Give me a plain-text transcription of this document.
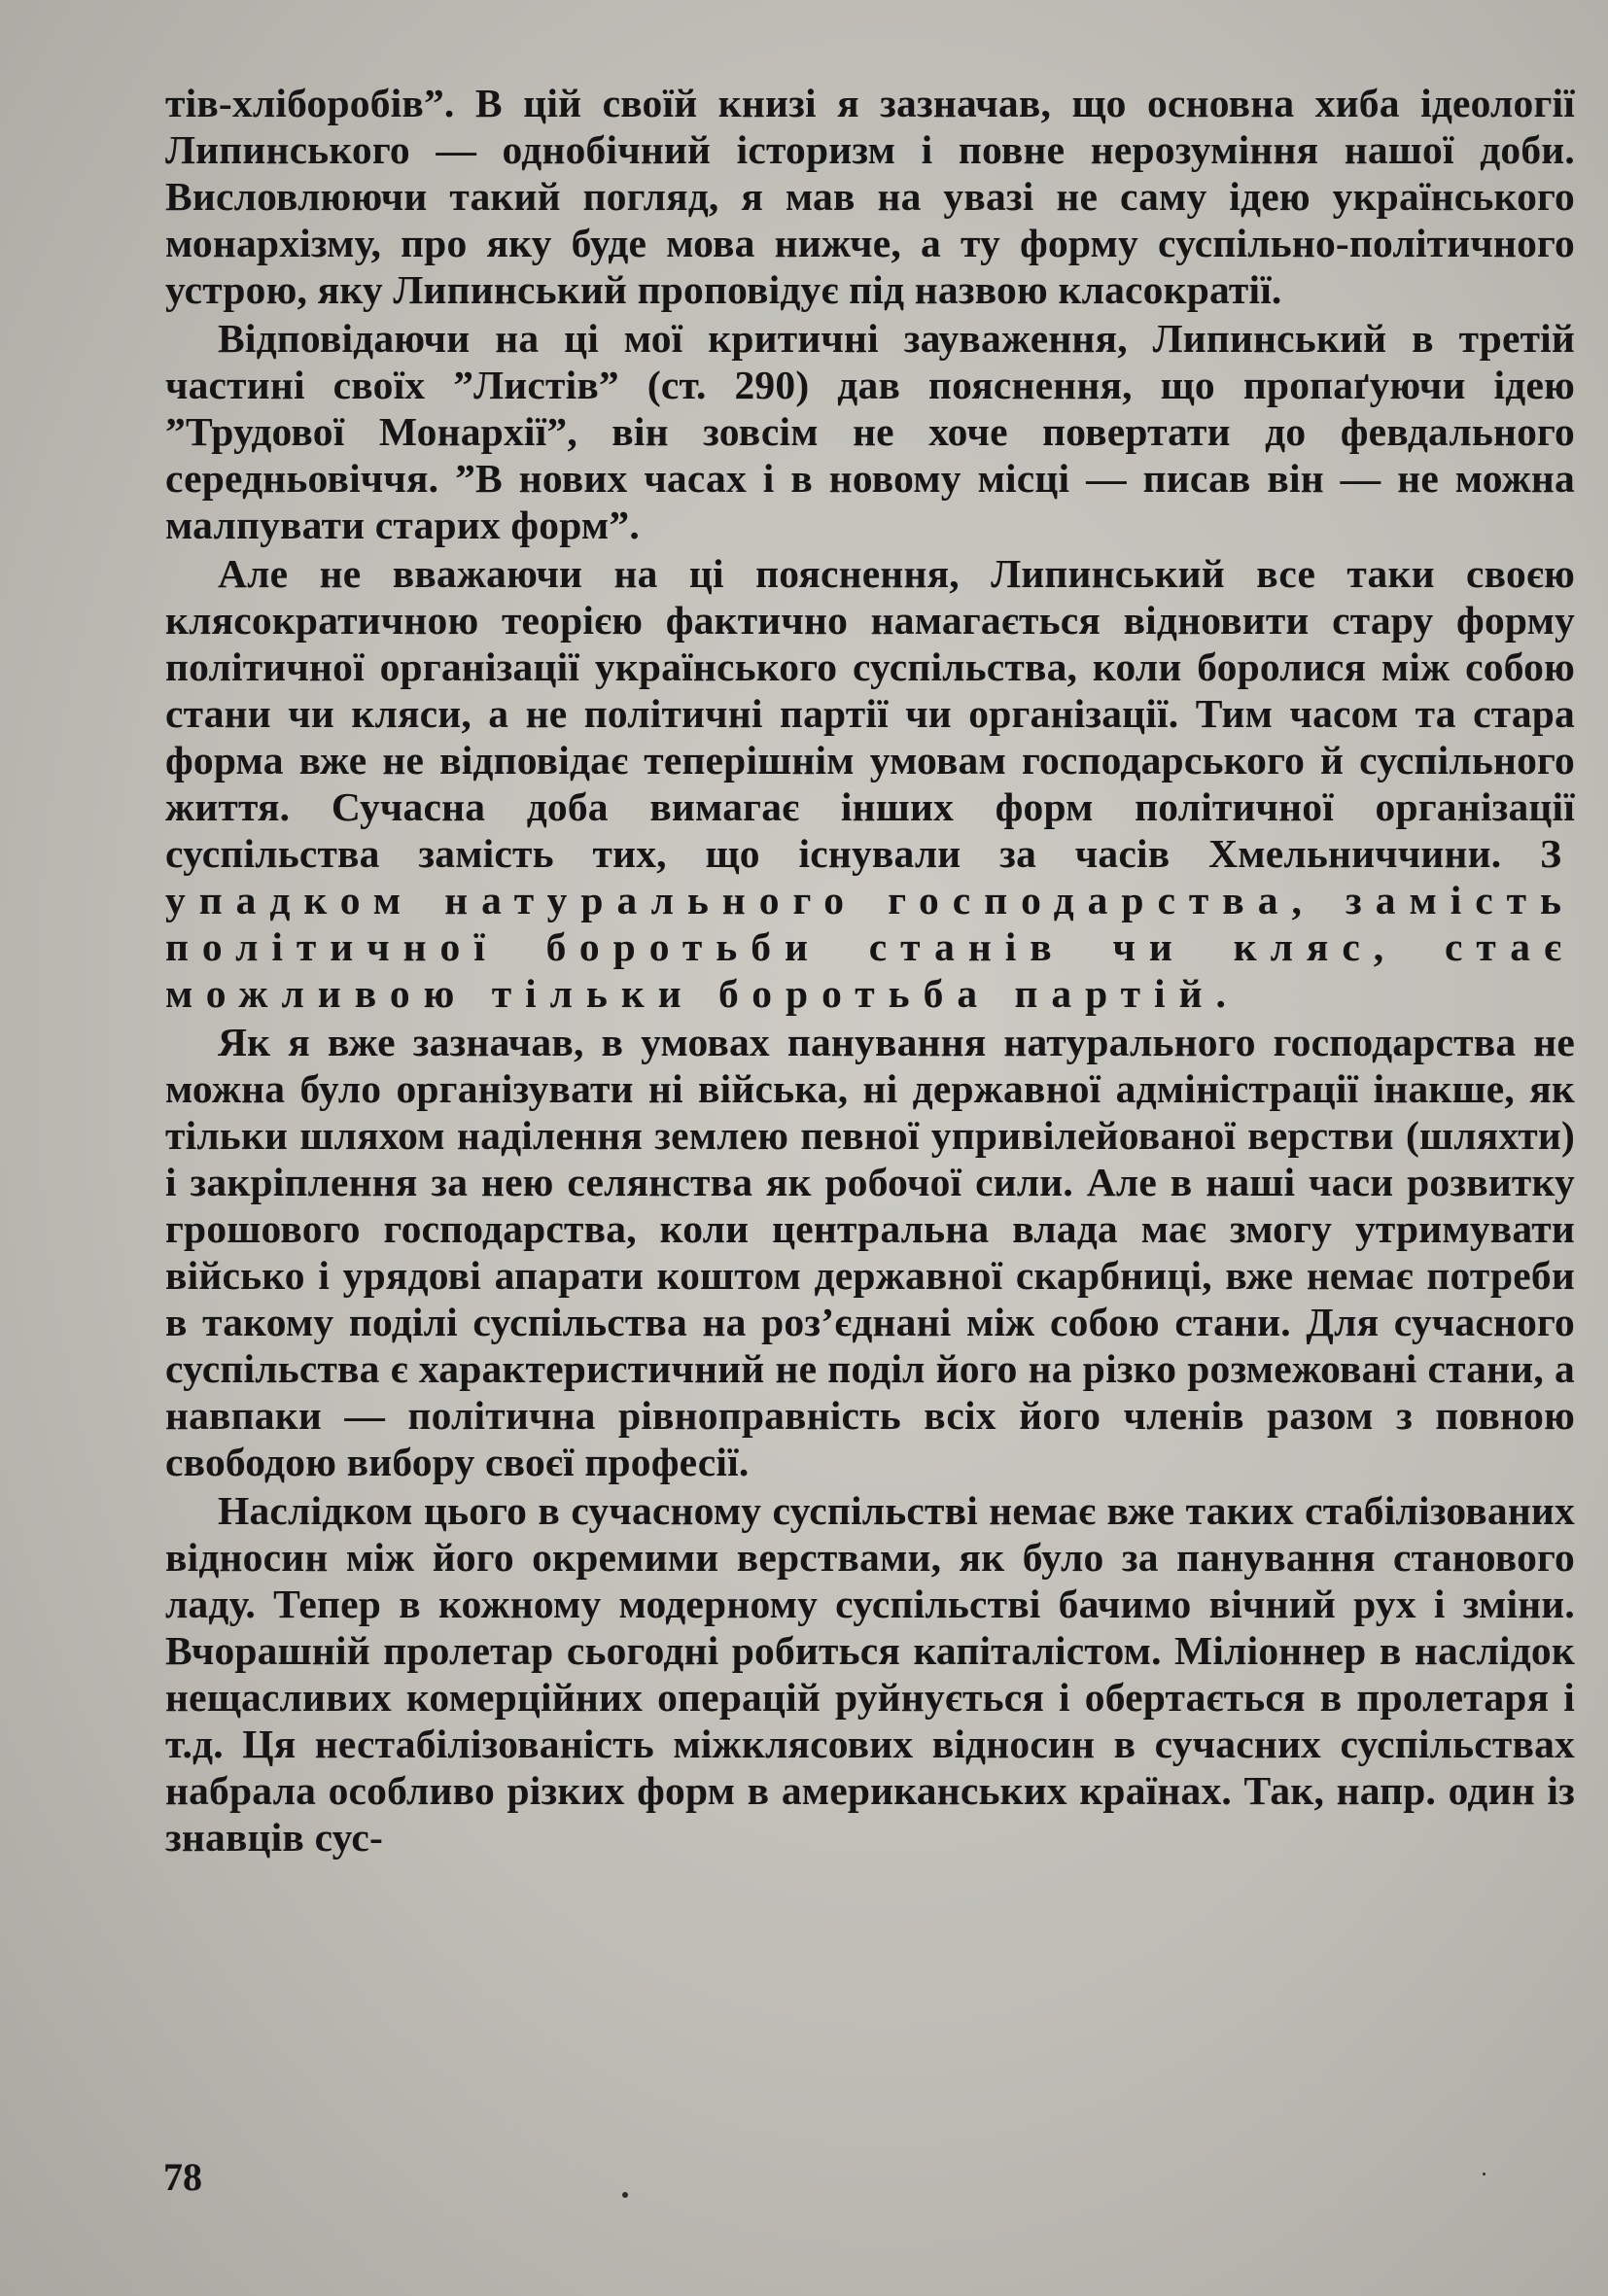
тів-хліборобів”. В цій своїй книзі я зазначав, що основна хиба ідеології Липинського — однобічний історизм і повне нерозуміння нашої доби. Висловлюючи такий погляд, я мав на увазі не саму ідею українського монархізму, про яку буде мова нижче, а ту форму суспільно-політичного устрою, яку Липинський проповідує під назвою класократії.

Відповідаючи на ці мої критичні зауваження, Липинський в третій частині своїх ”Листів” (ст. 290) дав пояснення, що пропаґуючи ідею ”Трудової Монархії”, він зовсім не хоче повертати до февдального середньовіччя. ”В нових часах і в новому місці — писав він — не можна малпувати старих форм”.

Але не вважаючи на ці пояснення, Липинський все таки своєю клясократичною теорією фактично намагається відновити стару форму політичної організації українського суспільства, коли боролися між собою стани чи кляси, а не політичні партії чи організації. Тим часом та стара форма вже не відповідає теперішнім умовам господарського й суспільного життя. Сучасна доба вимагає інших форм політичної організації суспільства замість тих, що існували за часів Хмельниччини. З упадком натурального господарства, замість політичної боротьби станів чи кляс, стає можливою тільки боротьба партій.

Як я вже зазначав, в умовах панування натурального господарства не можна було організувати ні війська, ні державної адміністрації інакше, як тільки шляхом наділення землею певної упривілейованої верстви (шляхти) і закріплення за нею селянства як робочої сили. Але в наші часи розвитку грошового господарства, коли центральна влада має змогу утримувати військо і урядові апарати коштом державної скарбниці, вже немає потреби в такому поділі суспільства на роз’єднані між собою стани. Для сучасного суспільства є характеристичний не поділ його на різко розмежовані стани, а навпаки — політична рівноправність всіх його членів разом з повною свободою вибору своєї професії.

Наслідком цього в сучасному суспільстві немає вже таких стабілізованих відносин між його окремими верствами, як було за панування станового ладу. Тепер в кожному модерному суспільстві бачимо вічний рух і зміни. Вчорашній пролетар сьогодні робиться капіталістом. Міліоннер в наслідок нещасливих комерційних операцій руйнується і обертається в пролетаря і т.д. Ця нестабілізованість міжклясових відносин в сучасних суспільствах набрала особливо різких форм в американських країнах. Так, напр. один із знавців сус-

78
